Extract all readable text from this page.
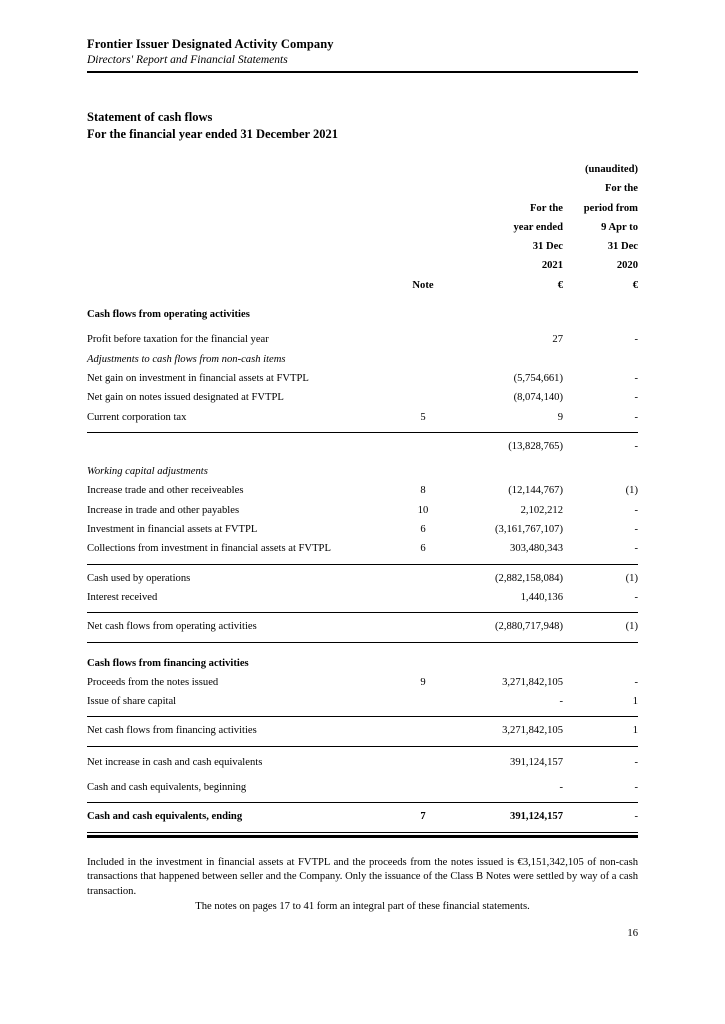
Frontier Issuer Designated Activity Company
Directors' Report and Financial Statements
Statement of cash flows
For the financial year ended 31 December 2021
	Note	
For the
year ended
31 Dec
2021
€

(unaudited)
For the
period from
9 Apr to
31 Dec
2020
€

Cash flows from operating activities			

Profit before taxation for the financial year		27	-
Adjustments to cash flows from non-cash items			
Net gain on investment in financial assets at FVTPL		(5,754,661)	-
Net gain on notes issued designated at FVTPL		(8,074,140)	-
Current corporation tax	5	9	-

		(13,828,765)	-

Working capital adjustments			
Increase trade and other receiveables	8	(12,144,767)	(1)
Increase in trade and other payables	10	2,102,212	-
Investment in financial assets at FVTPL	6	(3,161,767,107)	-
Collections from investment in financial assets at FVTPL	6	303,480,343	-

Cash used by operations		(2,882,158,084)	(1)
Interest received		1,440,136	-

Net cash flows from operating activities		(2,880,717,948)	(1)

Cash flows from financing activities			
Proceeds from the notes issued	9	3,271,842,105	-
Issue of share capital		-	1

Net cash flows from financing activities		3,271,842,105	1

Net increase in cash and cash equivalents		391,124,157	-

Cash and cash equivalents, beginning		-	-

Cash and cash equivalents, ending	7	391,124,157	-

Included in the investment in financial assets at FVTPL and the proceeds from the notes issued is €3,151,342,105 of non-cash transactions that happened between seller and the Company. Only the issuance of the Class B Notes were settled by way of a cash transaction.

The notes on pages 17 to 41 form an integral part of these financial statements.
16
